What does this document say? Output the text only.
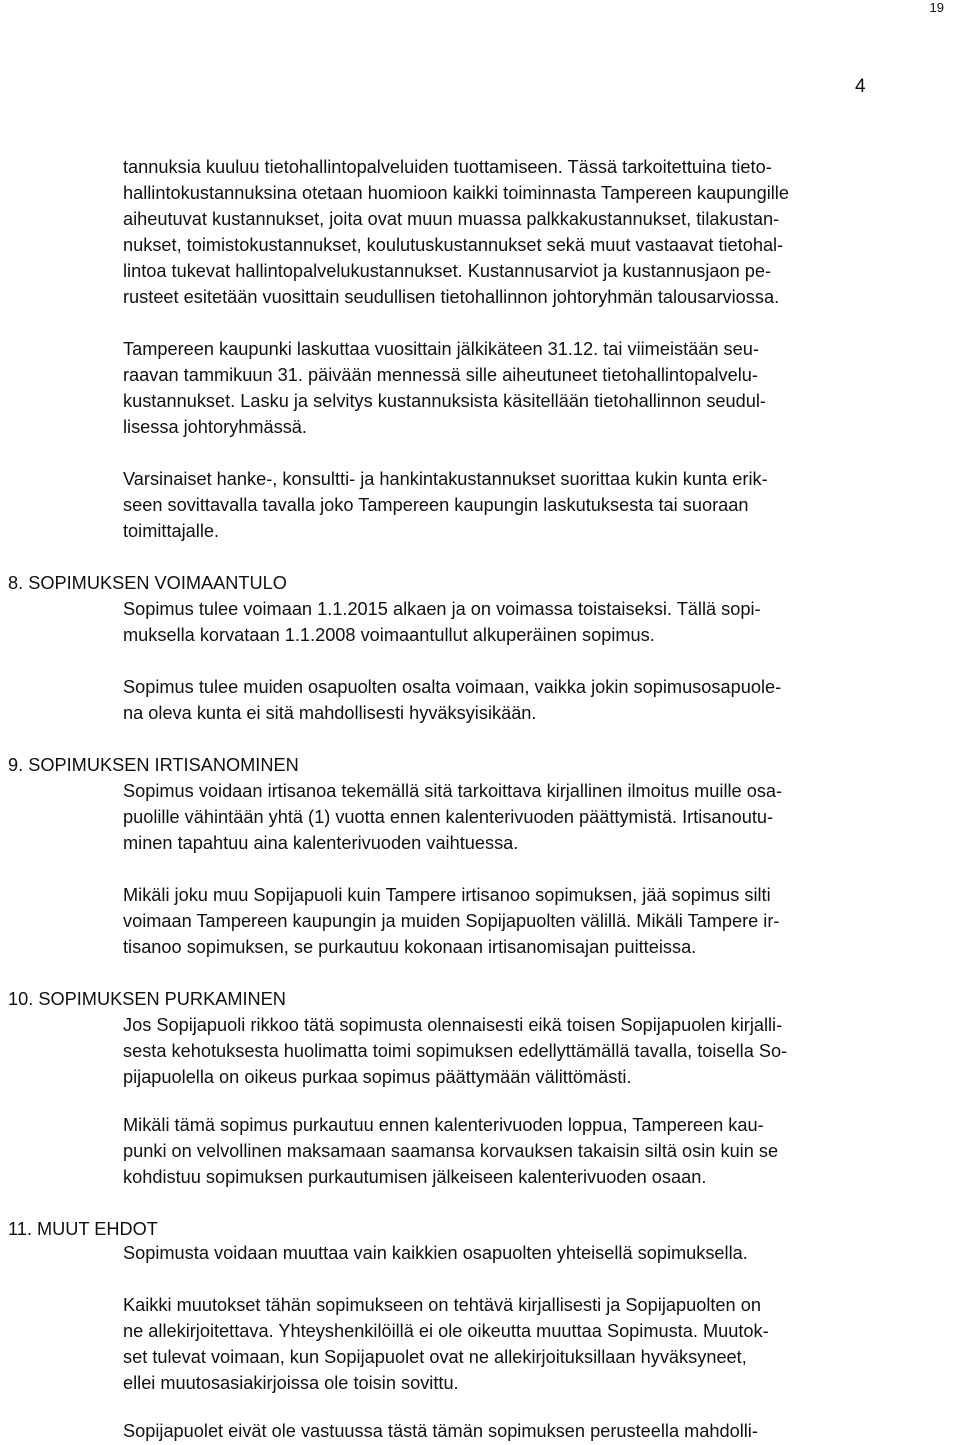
19
4
tannuksia kuuluu tietohallintopalveluiden tuottamiseen. Tässä tarkoitettuina tieto-
hallintokustannuksina otetaan huomioon kaikki toiminnasta Tampereen kaupungille
aiheutuvat kustannukset, joita ovat muun muassa palkkakustannukset, tilakustan-
nukset, toimistokustannukset, koulutuskustannukset sekä muut vastaavat tietohal-
lintoa tukevat hallintopalvelukustannukset. Kustannusarviot ja kustannusjaon pe-
rusteet esitetään vuosittain seudullisen tietohallinnon johtoryhmän talousarviossa.
Tampereen kaupunki laskuttaa vuosittain jälkikäteen 31.12. tai viimeistään seu-
raavan tammikuun 31. päivään mennessä sille aiheutuneet tietohallintopalvelu-
kustannukset. Lasku ja selvitys kustannuksista käsitellään tietohallinnon seudul-
lisessa johtoryhmässä.
Varsinaiset hanke-, konsultti- ja hankintakustannukset suorittaa kukin kunta erik-
seen sovittavalla tavalla joko Tampereen kaupungin laskutuksesta tai suoraan
toimittajalle.
8. SOPIMUKSEN VOIMAANTULO
Sopimus tulee voimaan 1.1.2015 alkaen ja on voimassa toistaiseksi. Tällä sopi-
muksella korvataan 1.1.2008 voimaantullut alkuperäinen sopimus.
Sopimus tulee muiden osapuolten osalta voimaan, vaikka jokin sopimusosapuole-
na oleva kunta ei sitä mahdollisesti hyväksyisikään.
9. SOPIMUKSEN IRTISANOMINEN
Sopimus voidaan irtisanoa tekemällä sitä tarkoittava kirjallinen ilmoitus muille osa-
puolille vähintään yhtä (1) vuotta ennen kalenterivuoden päättymistä. Irtisanoutu-
minen tapahtuu aina kalenterivuoden vaihtuessa.
Mikäli joku muu Sopijapuoli kuin Tampere irtisanoo sopimuksen, jää sopimus silti
voimaan Tampereen kaupungin ja muiden Sopijapuolten välillä. Mikäli Tampere ir-
tisanoo sopimuksen, se purkautuu kokonaan irtisanomisajan puitteissa.
10. SOPIMUKSEN PURKAMINEN
Jos Sopijapuoli rikkoo tätä sopimusta olennaisesti eikä toisen Sopijapuolen kirjalli-
sesta kehotuksesta huolimatta toimi sopimuksen edellyttämällä tavalla, toisella So-
pijapuolella on oikeus purkaa sopimus päättymään välittömästi.
Mikäli tämä sopimus purkautuu ennen kalenterivuoden loppua, Tampereen kau-
punki on velvollinen maksamaan saamansa korvauksen takaisin siltä osin kuin se
kohdistuu sopimuksen purkautumisen jälkeiseen kalenterivuoden osaan.
11. MUUT EHDOT
Sopimusta voidaan muuttaa vain kaikkien osapuolten yhteisellä sopimuksella.
Kaikki muutokset tähän sopimukseen on tehtävä kirjallisesti ja Sopijapuolten on
ne allekirjoitettava. Yhteyshenkilöillä ei ole oikeutta muuttaa Sopimusta. Muutok-
set tulevat voimaan, kun Sopijapuolet ovat ne allekirjoituksillaan hyväksyneet,
ellei muutosasiakirjoissa ole toisin sovittu.
Sopijapuolet eivät ole vastuussa tästä tämän sopimuksen perusteella mahdolli-
